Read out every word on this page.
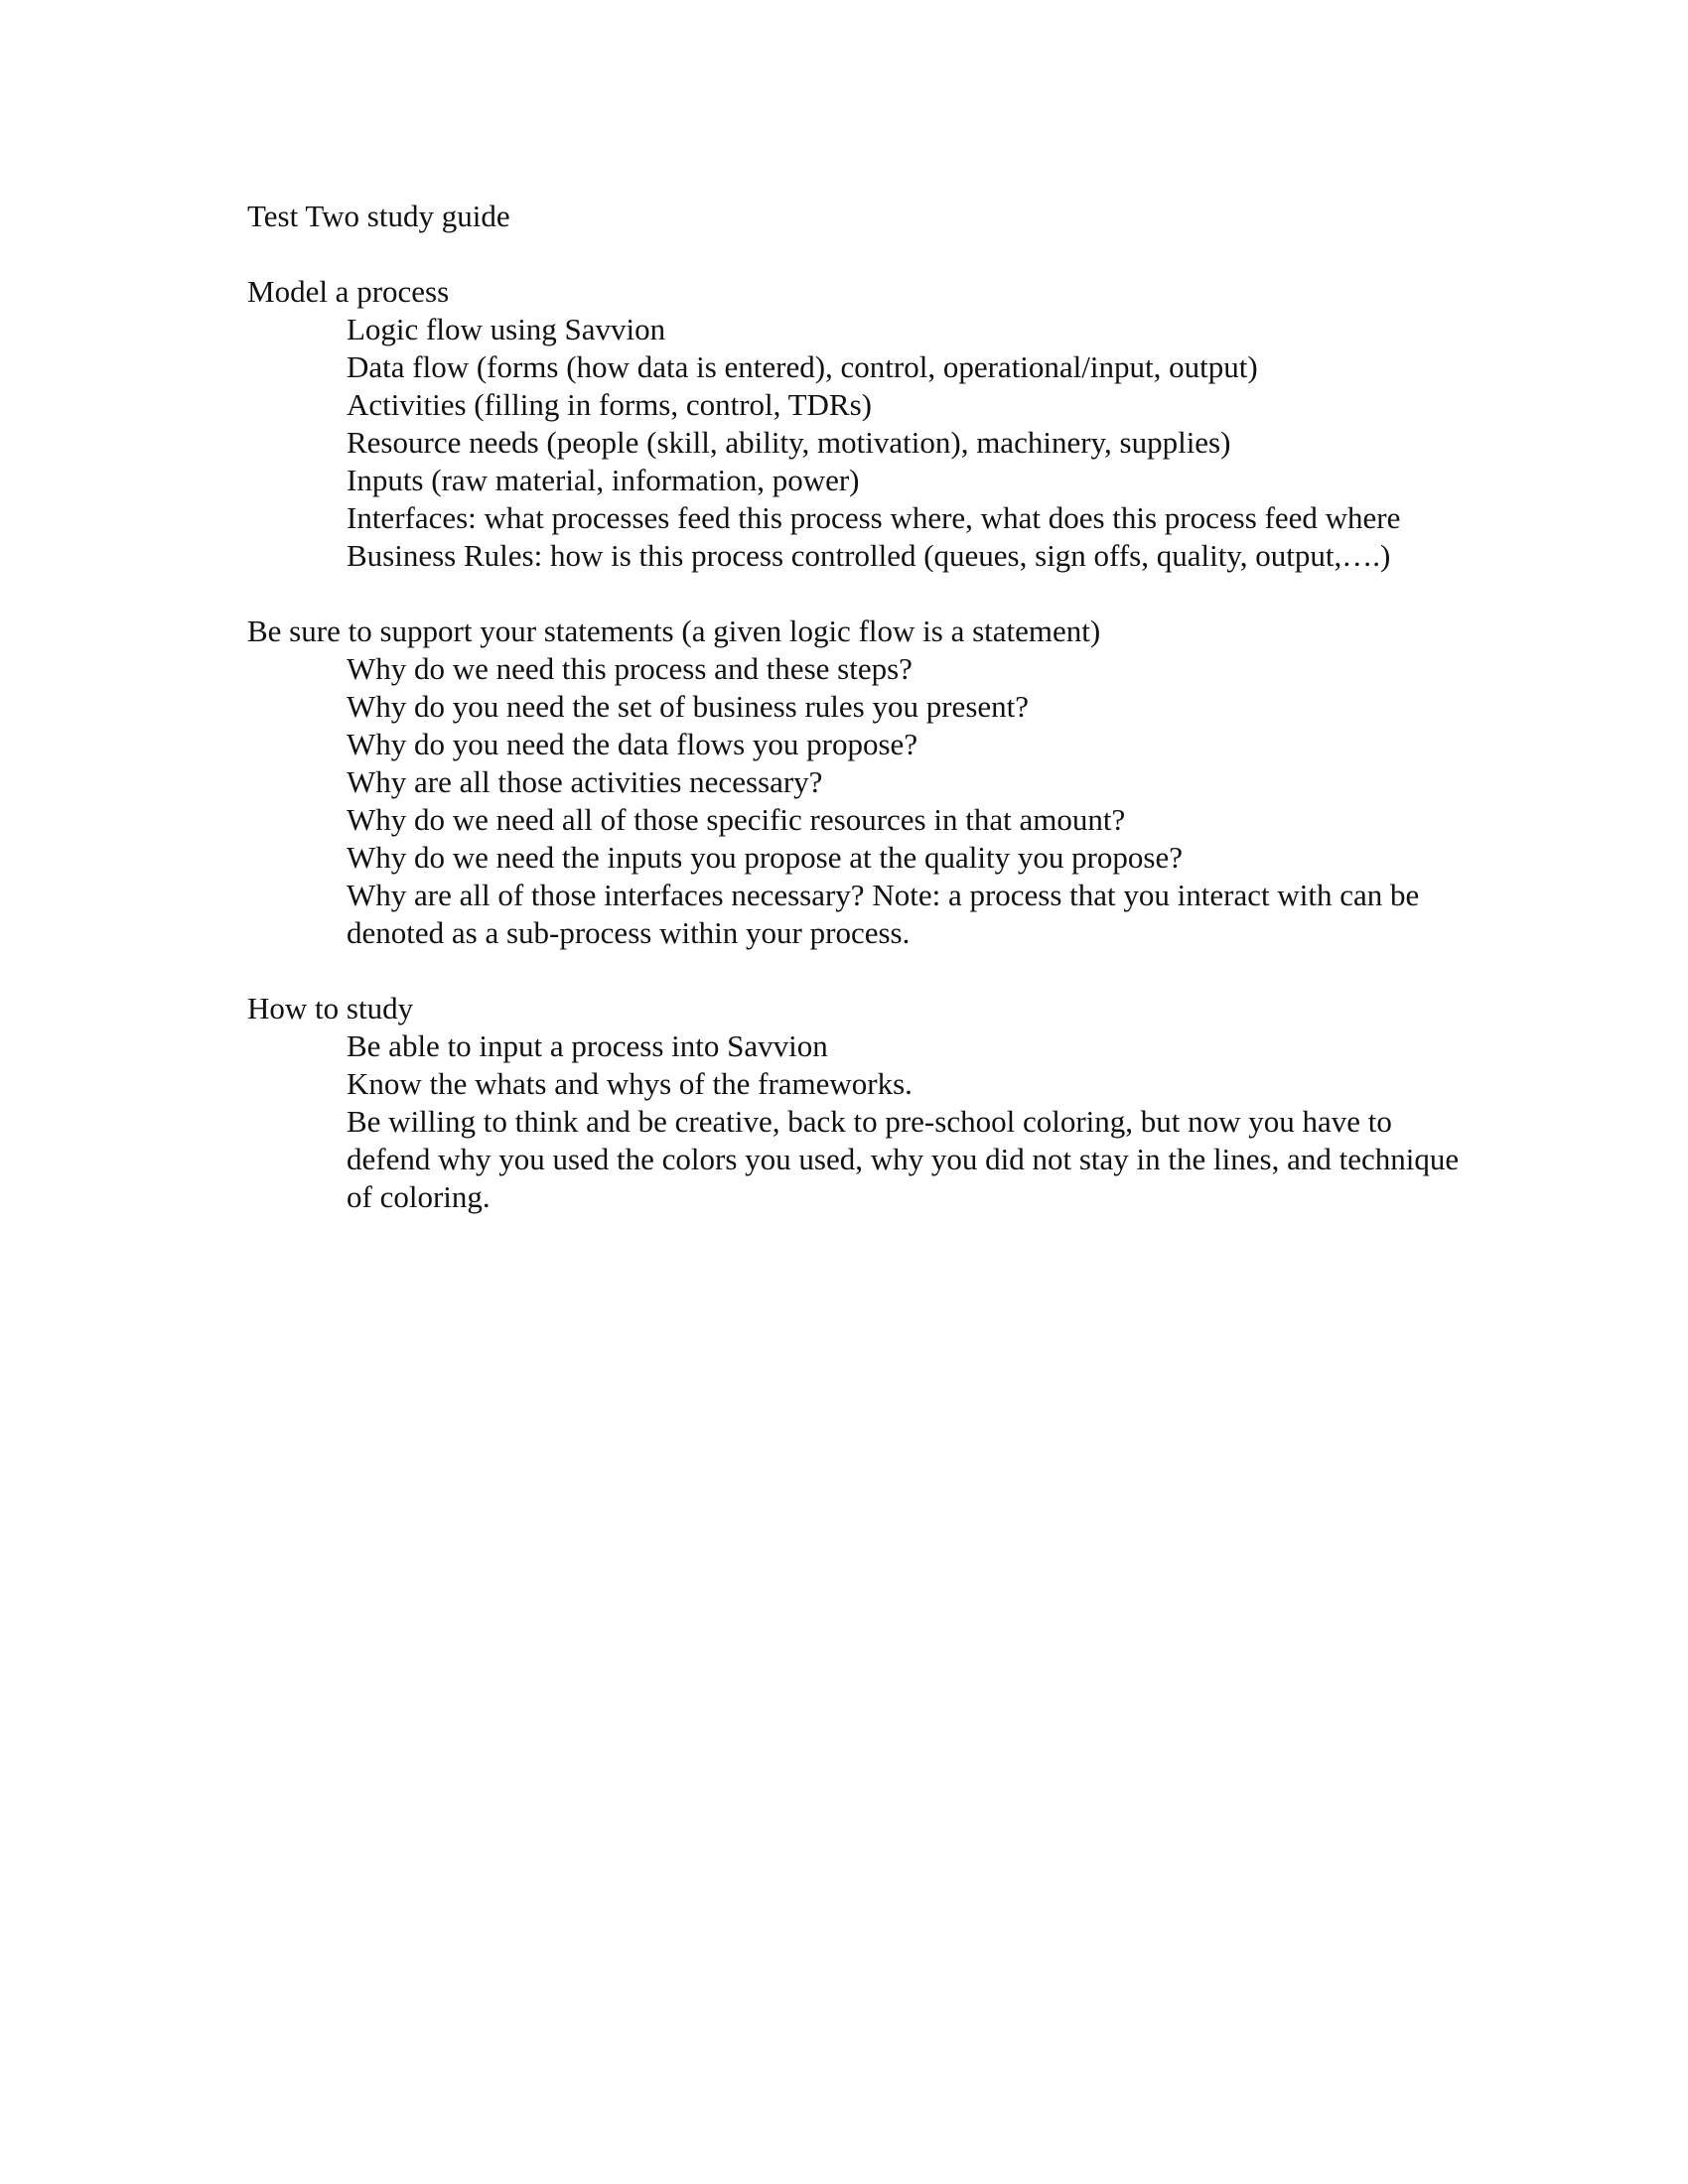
Test Two study guide

Model a process

Logic flow using Savvion
Data flow (forms (how data is entered), control, operational/input, output)
Activities (filling in forms, control, TDRs)
Resource needs (people (skill, ability, motivation), machinery, supplies)
Inputs (raw material, information, power)
Interfaces: what processes feed this process where, what does this process feed where
Business Rules: how is this process controlled (queues, sign offs, quality, output,….)

Be sure to support your statements (a given logic flow is a statement)

Why do we need this process and these steps?
Why do you need the set of business rules you present?
Why do you need the data flows you propose?
Why are all those activities necessary?
Why do we need all of those specific resources in that amount?
Why do we need the inputs you propose at the quality you propose?
Why are all of those interfaces necessary? Note: a process that you interact with can be denoted as a sub-process within your process.

How to study

Be able to input a process into Savvion
Know the whats and whys of the frameworks.
Be willing to think and be creative, back to pre-school coloring, but now you have to defend why you used the colors you used, why you did not stay in the lines, and technique of coloring.
